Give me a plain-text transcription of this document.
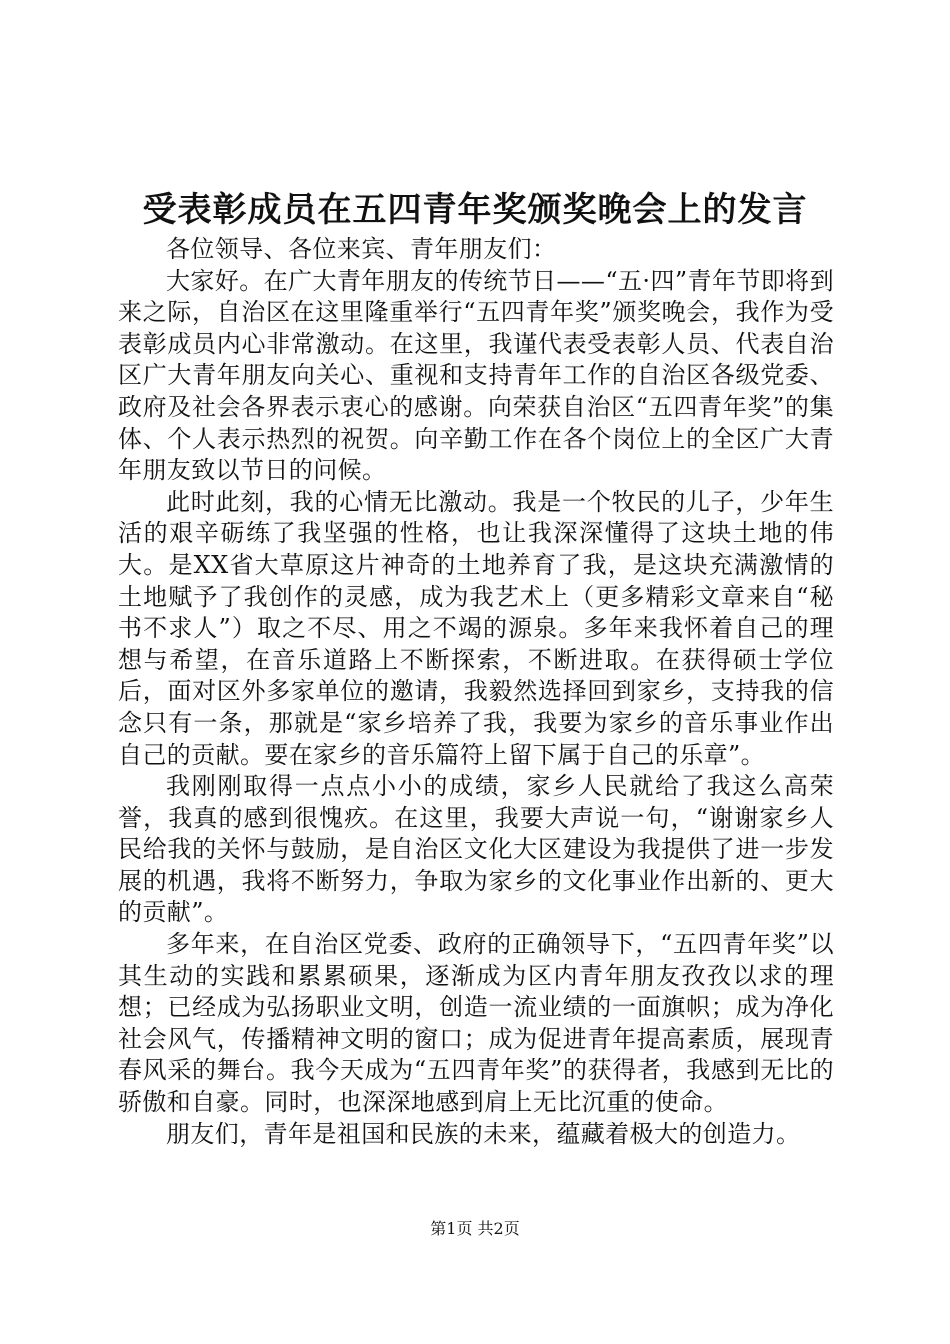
受表彰成员在五四青年奖颁奖晚会上的发言

各位领导、各位来宾、青年朋友们：

大家好。在广大青年朋友的传统节日——“五·四”青年节即将到来之际，自治区在这里隆重举行“五四青年奖”颁奖晚会，我作为受表彰成员内心非常激动。在这里，我谨代表受表彰人员、代表自治区广大青年朋友向关心、重视和支持青年工作的自治区各级党委、政府及社会各界表示衷心的感谢。向荣获自治区“五四青年奖”的集体、个人表示热烈的祝贺。向辛勤工作在各个岗位上的全区广大青年朋友致以节日的问候。

此时此刻，我的心情无比激动。我是一个牧民的儿子，少年生活的艰辛砺练了我坚强的性格，也让我深深懂得了这块土地的伟大。是XX省大草原这片神奇的土地养育了我，是这块充满激情的土地赋予了我创作的灵感，成为我艺术上（更多精彩文章来自“秘书不求人”）取之不尽、用之不竭的源泉。多年来我怀着自己的理想与希望，在音乐道路上不断探索，不断进取。在获得硕士学位后，面对区外多家单位的邀请，我毅然选择回到家乡，支持我的信念只有一条，那就是“家乡培养了我，我要为家乡的音乐事业作出自己的贡献。要在家乡的音乐篇符上留下属于自己的乐章”。

我刚刚取得一点点小小的成绩，家乡人民就给了我这么高荣誉，我真的感到很愧疚。在这里，我要大声说一句，“谢谢家乡人民给我的关怀与鼓励，是自治区文化大区建设为我提供了进一步发展的机遇，我将不断努力，争取为家乡的文化事业作出新的、更大的贡献”。

多年来，在自治区党委、政府的正确领导下，“五四青年奖”以其生动的实践和累累硕果，逐渐成为区内青年朋友孜孜以求的理想；已经成为弘扬职业文明，创造一流业绩的一面旗帜；成为净化社会风气，传播精神文明的窗口；成为促进青年提高素质，展现青春风采的舞台。我今天成为“五四青年奖”的获得者，我感到无比的骄傲和自豪。同时，也深深地感到肩上无比沉重的使命。

朋友们，青年是祖国和民族的未来，蕴藏着极大的创造力。

第1页 共2页
